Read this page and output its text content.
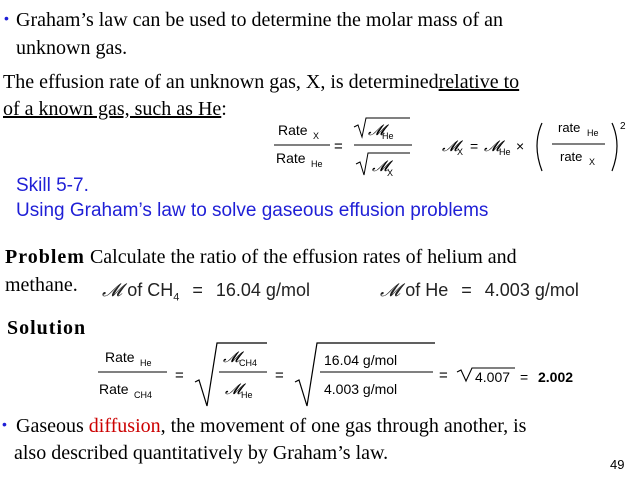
• Graham’s law can be used to determine the molar mass of an
unknown gas.
The effusion rate of an unknown gas, X, is determinedrelative to
of a known gas, such as He:
Rate X
Rate He
=
𝓜
He
𝓜
X
𝓜
X = 𝓜
He ×
rate He
rate X
2
Skill 5-7.
Using Graham’s law to solve gaseous effusion problems
Problem Calculate the ratio of the effusion rates of helium and
methane. 𝓜 of $CH_4 = 16.04$ g/mol	𝓜 of He = 4.003 g/mol
Solution
Rate He
Rate CH4
=
𝓜 CH4
𝓜 He
=
16.04 g/mol
4.003 g/mol
= 4.007 = 2.002
• Gaseous diffusion, the movement of one gas through another, is
also described quantitatively by Graham’s law.
49
